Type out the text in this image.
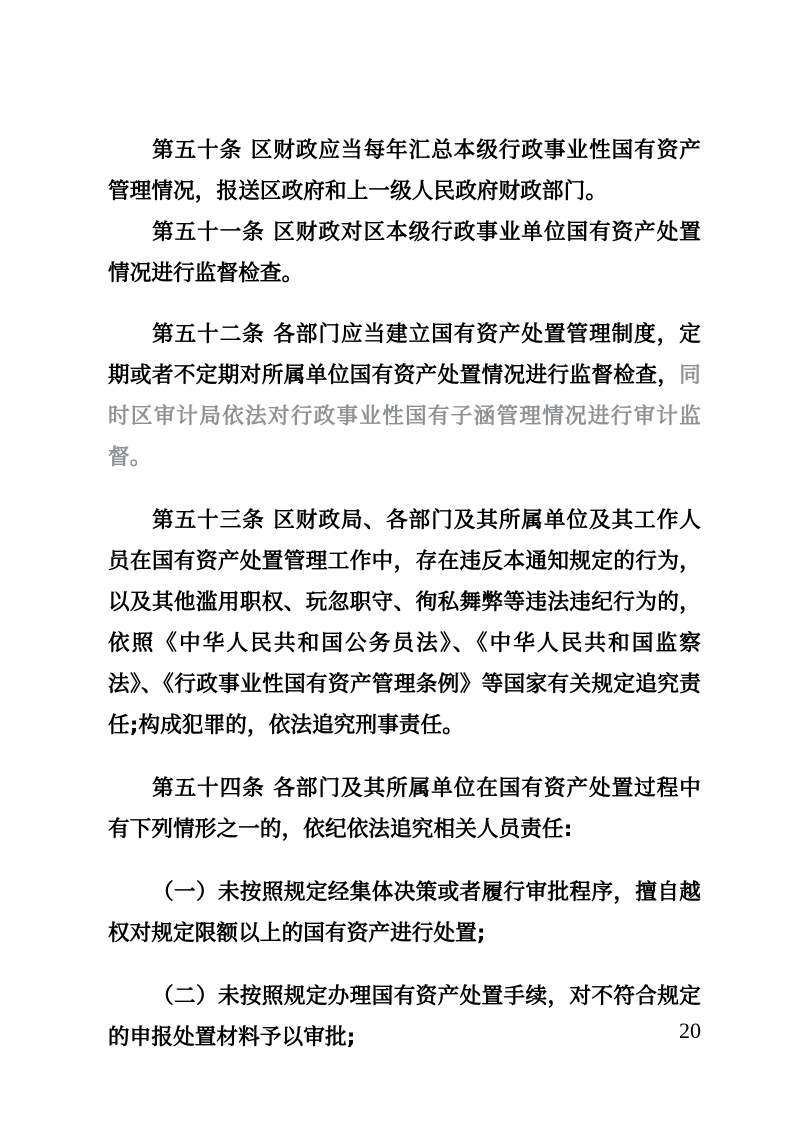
第五十条 区财政应当每年汇总本级行政事业性国有资产管理情况，报送区政府和上一级人民政府财政部门。

第五十一条 区财政对区本级行政事业单位国有资产处置情况进行监督检查。

第五十二条 各部门应当建立国有资产处置管理制度，定期或者不定期对所属单位国有资产处置情况进行监督检查，同时区审计局依法对行政事业性国有子涵管理情况进行审计监督。

第五十三条 区财政局、各部门及其所属单位及其工作人员在国有资产处置管理工作中，存在违反本通知规定的行为，以及其他滥用职权、玩忽职守、徇私舞弊等违法违纪行为的，依照《中华人民共和国公务员法》、《中华人民共和国监察法》、《行政事业性国有资产管理条例》等国家有关规定追究责任;构成犯罪的，依法追究刑事责任。

第五十四条 各部门及其所属单位在国有资产处置过程中有下列情形之一的，依纪依法追究相关人员责任:

（一）未按照规定经集体决策或者履行审批程序，擅自越权对规定限额以上的国有资产进行处置;

（二）未按照规定办理国有资产处置手续，对不符合规定的申报处置材料予以审批;	20
